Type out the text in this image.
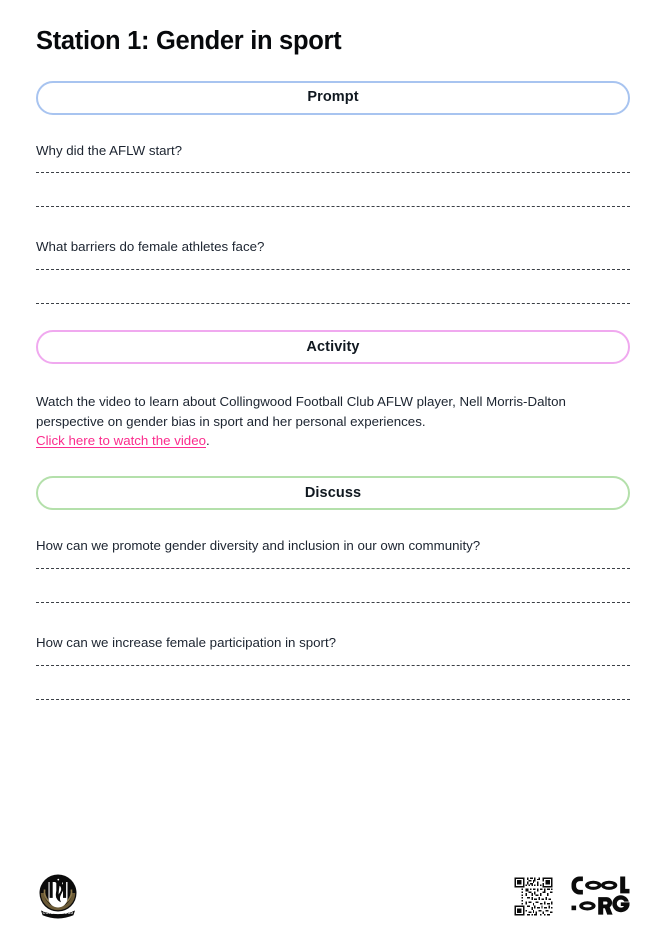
Station 1: Gender in sport
Prompt

Why did the AFLW start?

What barriers do female athletes face?

Activity

Watch the video to learn about Collingwood Football Club AFLW player, Nell Morris-Dalton perspective on gender bias in sport and her personal experiences.
Click here to watch the video.

Discuss

How can we promote gender diversity and inclusion in our own community?

How can we increase female participation in sport?

COLLINGWOOD
